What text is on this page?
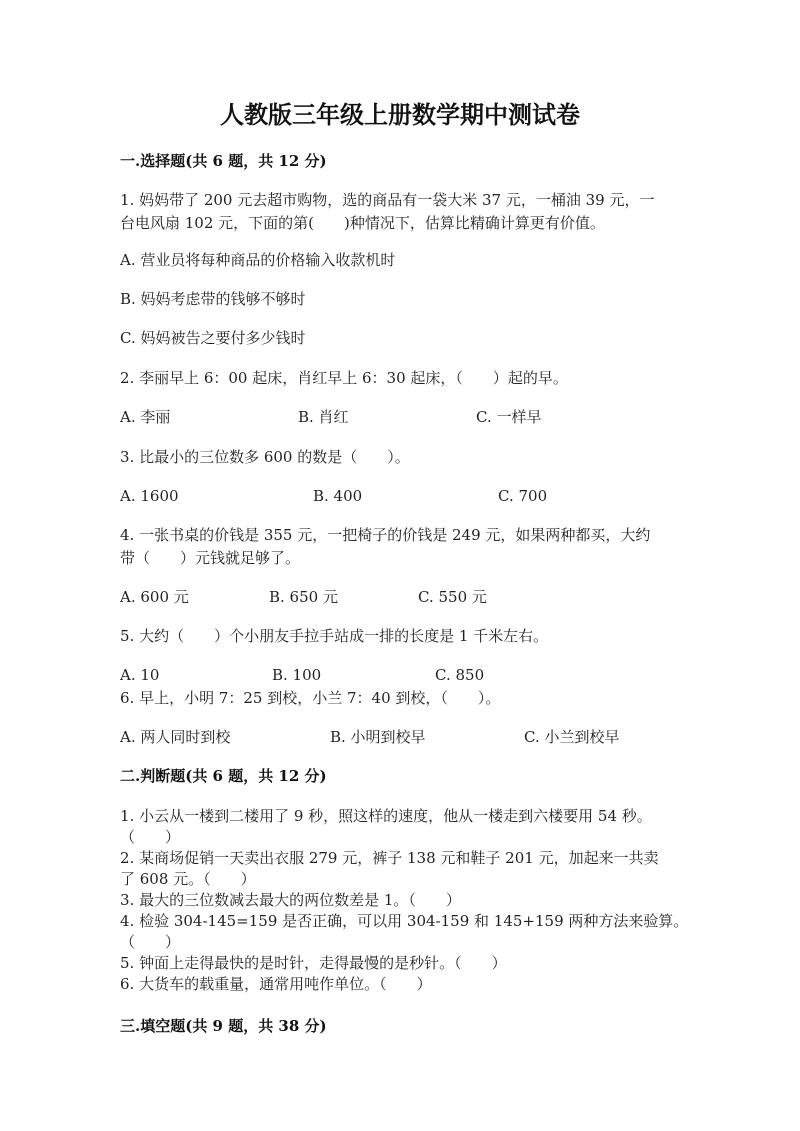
人教版三年级上册数学期中测试卷
一.选择题(共 6 题，共 12 分)
1. 妈妈带了 200 元去超市购物，选的商品有一袋大米 37 元，一桶油 39 元，一
台电风扇 102 元，下面的第(　　)种情况下，估算比精确计算更有价值。
A. 营业员将每种商品的价格输入收款机时
B. 妈妈考虑带的钱够不够时
C. 妈妈被告之要付多少钱时
2. 李丽早上 6：00 起床，肖红早上 6：30 起床，（　　）起的早。
A. 李丽	B. 肖红	C. 一样早
3. 比最小的三位数多 600 的数是（　　）。
A. 1600	B. 400	C. 700
4. 一张书桌的价钱是 355 元，一把椅子的价钱是 249 元，如果两种都买，大约
带（　　）元钱就足够了。
A. 600 元	B. 650 元	C. 550 元
5. 大约（　　）个小朋友手拉手站成一排的长度是 1 千米左右。
A. 10	B. 100	C. 850
6. 早上，小明 7：25 到校，小兰 7：40 到校，（　　）。
A. 两人同时到校	B. 小明到校早	C. 小兰到校早
二.判断题(共 6 题，共 12 分)
1. 小云从一楼到二楼用了 9 秒，照这样的速度，他从一楼走到六楼要用 54 秒。
（　　）
2. 某商场促销一天卖出衣服 279 元，裤子 138 元和鞋子 201 元，加起来一共卖
了 608 元。（　　）
3. 最大的三位数减去最大的两位数差是 1。（　　）
4. 检验 304-145=159 是否正确，可以用 304-159 和 145+159 两种方法来验算。
（　　）
5. 钟面上走得最快的是时针，走得最慢的是秒针。（　　）
6. 大货车的载重量，通常用吨作单位。（　　）
三.填空题(共 9 题，共 38 分)
